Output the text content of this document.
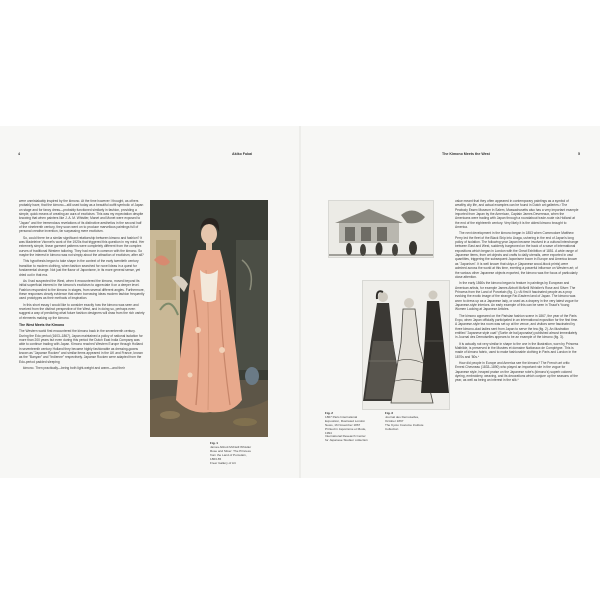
4	Akiko Fukai

were unmistakably inspired by the kimono. At the time however I thought, as others probably have, that the kimono—still used today as a beautiful outfit symbolic of Japan on stage and for fancy dress—probably functioned similarly in fashion, providing a simple, quick means of creating an aura of exoticism. This was my expectation despite knowing that when painters like J. A. M. Whistler, Manet and Monet were exposed to "Japan" and the tremendous revelations of its distinctive aesthetics in the second half of the nineteenth century, they soon went on to produce marvellous paintings full of personal creative invention, far surpassing mere exoticism.

So, could there be a similar significant relationship between kimono and fashion? It was Madeleine Vionnet's work of the 1920s that triggered this question in my mind. Her extremely simple, linear garment patterns were completely different from the complex curves of traditional Western tailoring. They had more in common with the kimono. So maybe the interest in kimono was not simply about the attraction of exoticism, after all?

This hypothesis began to take shape in the context of the early twentieth century transition to modern clothing, when fashion searched for novel ideas in a quest for fundamental change. Not just the flavor of Japonisme, in its more general sense, yet dried out in that era.

As I had suspected the West, when it encountered the kimono, moved beyond its initial superficial interest in the kimono's exoticism to appreciate it on a deeper level. Fashion responded to the kimono in stages, from several different angles. Furthermore, these responses clearly evidence that when borrowing ideas modern fashion frequently used prototypes as their methods of inspiration.

In this short essay I would like to consider exactly how the kimono was seen and received from the distinct perspective of the West, and in doing so, perhaps even suggest a way of predicting what future fashion designers will draw from the rich variety of elements making up the kimono.

The West Meets the Kimono

The Western world first encountered the kimono back in the seventeenth century. During the Edo period (1603–1867), Japan maintained a policy of national isolation for more than 200 years but even during this period the Dutch East India Company was able to continue trading with Japan. Kimono reached Western Europe through Holland in seventeenth century Holland they became highly fashionable as dressing-gowns known as "Japanse Rocken" and similar items appeared in the UK and France, known as the "Banyan" and "Indienne" respectively. Japanse Rocken were adapted from the Edo-period padded sleeping

kimono. Then practically—being both light-weight and warm—and their

Fig. 1
James Abbott McNeill Whistler
Rose and Silver: The Princess
from the Land of Porcelain,
1863-65
Freer Gallery of Art
The Kimono Meets the West	5
Fig. 2
1867 Paris International
Exposition, Illustrated London
News, 16 November 1867
Printed in Japonisme et Mode,
1994
International Research Center
for Japanese Studies' collection
Fig. 3
Journal des Demoiselles,
October 1867
The Kyoto Costume Institute
Collection

value meant that they often appeared in contemporary paintings as a symbol of wealthy city life, and actual examples can be found in Dutch art galleries.² The Peabody Essex Museum in Salem, Massachusetts also has a very important example imported from Japan by the American, Captain James Devereaux, when the Americans were trading with Japan through a roundabout trade-route via Holland at the end of the eighteenth century. Very likely it is the oldest kimono brought to America.

The next development in the kimono began in 1853 when Commodore Matthew Perry led the fleet of the Black Ship into Uraga, ushering in the end of Japan's long policy of isolation. The following year Japan became involved in a cultural interchange between East and West, suddenly burgeoned on the back of a wave of international expositions which began in London with the Great Exhibition of 1851. A wide range of Japanese items, from art objects and crafts to daily utensils, were exported in vast quantities, triggering the subsequent Japonisme boom in Europe and America known as "Japonism". It is well known that ukiyo-e (Japanese wood-block prints) were admired across the world at this time, exerting a powerful influence on Western art; of the various other Japanese objects exported, the kimono was the focus of particularly close attention.

In the early 1860s the kimono began to feature in paintings by European and American artists, for example James Abbott McNeill Whistler's Rose and Silver: The Princess from the Land of Porcelain (fig. 1).³ At first it fascinated people as a prop evoking the exotic image of the strange Far-Eastern land of Japan. The kimono was worn to dress up as a Japanese lady, or used as a drapery in the very latest vogue for Japanese-style interiors. An early example of this can be seen in Tissot's Young Women Looking at Japanese Articles.

The kimono appeared on the Parisian fashion scene in 1867, the year of the Paris Expo, when Japan officially participated in an international exposition for the first time. A Japanese-style tea room was set up at the venue, and visitors were fascinated by three kimono-clad ladies sent from Japan to serve the tea (fig. 2). An illustration entitled "Japanese style coat" (Sortie de bal japonaise) published almost immediately in Journal des Demoiselles appears to be an example of the kimono (fig. 3).

It is actually not very similar in shape to the one in the illustration, worn by Princess Mathilde, is preserved in the Musées et domaine Nationaux de Compiègne. This is made of kimono fabric, used to make fashionable clothing in Paris and London in the 1870s and '80s.⁴

How did people in Europe and America see the kimono? The French art critic Ernest Chesneau (1833–1890) who played an important role in the vogue for Japanese style, heaped praise on the Japanese robe's (kimono's) superb colored dyeing, embroidery, weaving, and its decorations which conjure up the seasons of the year, as well as being an interest in the silk.⁵
